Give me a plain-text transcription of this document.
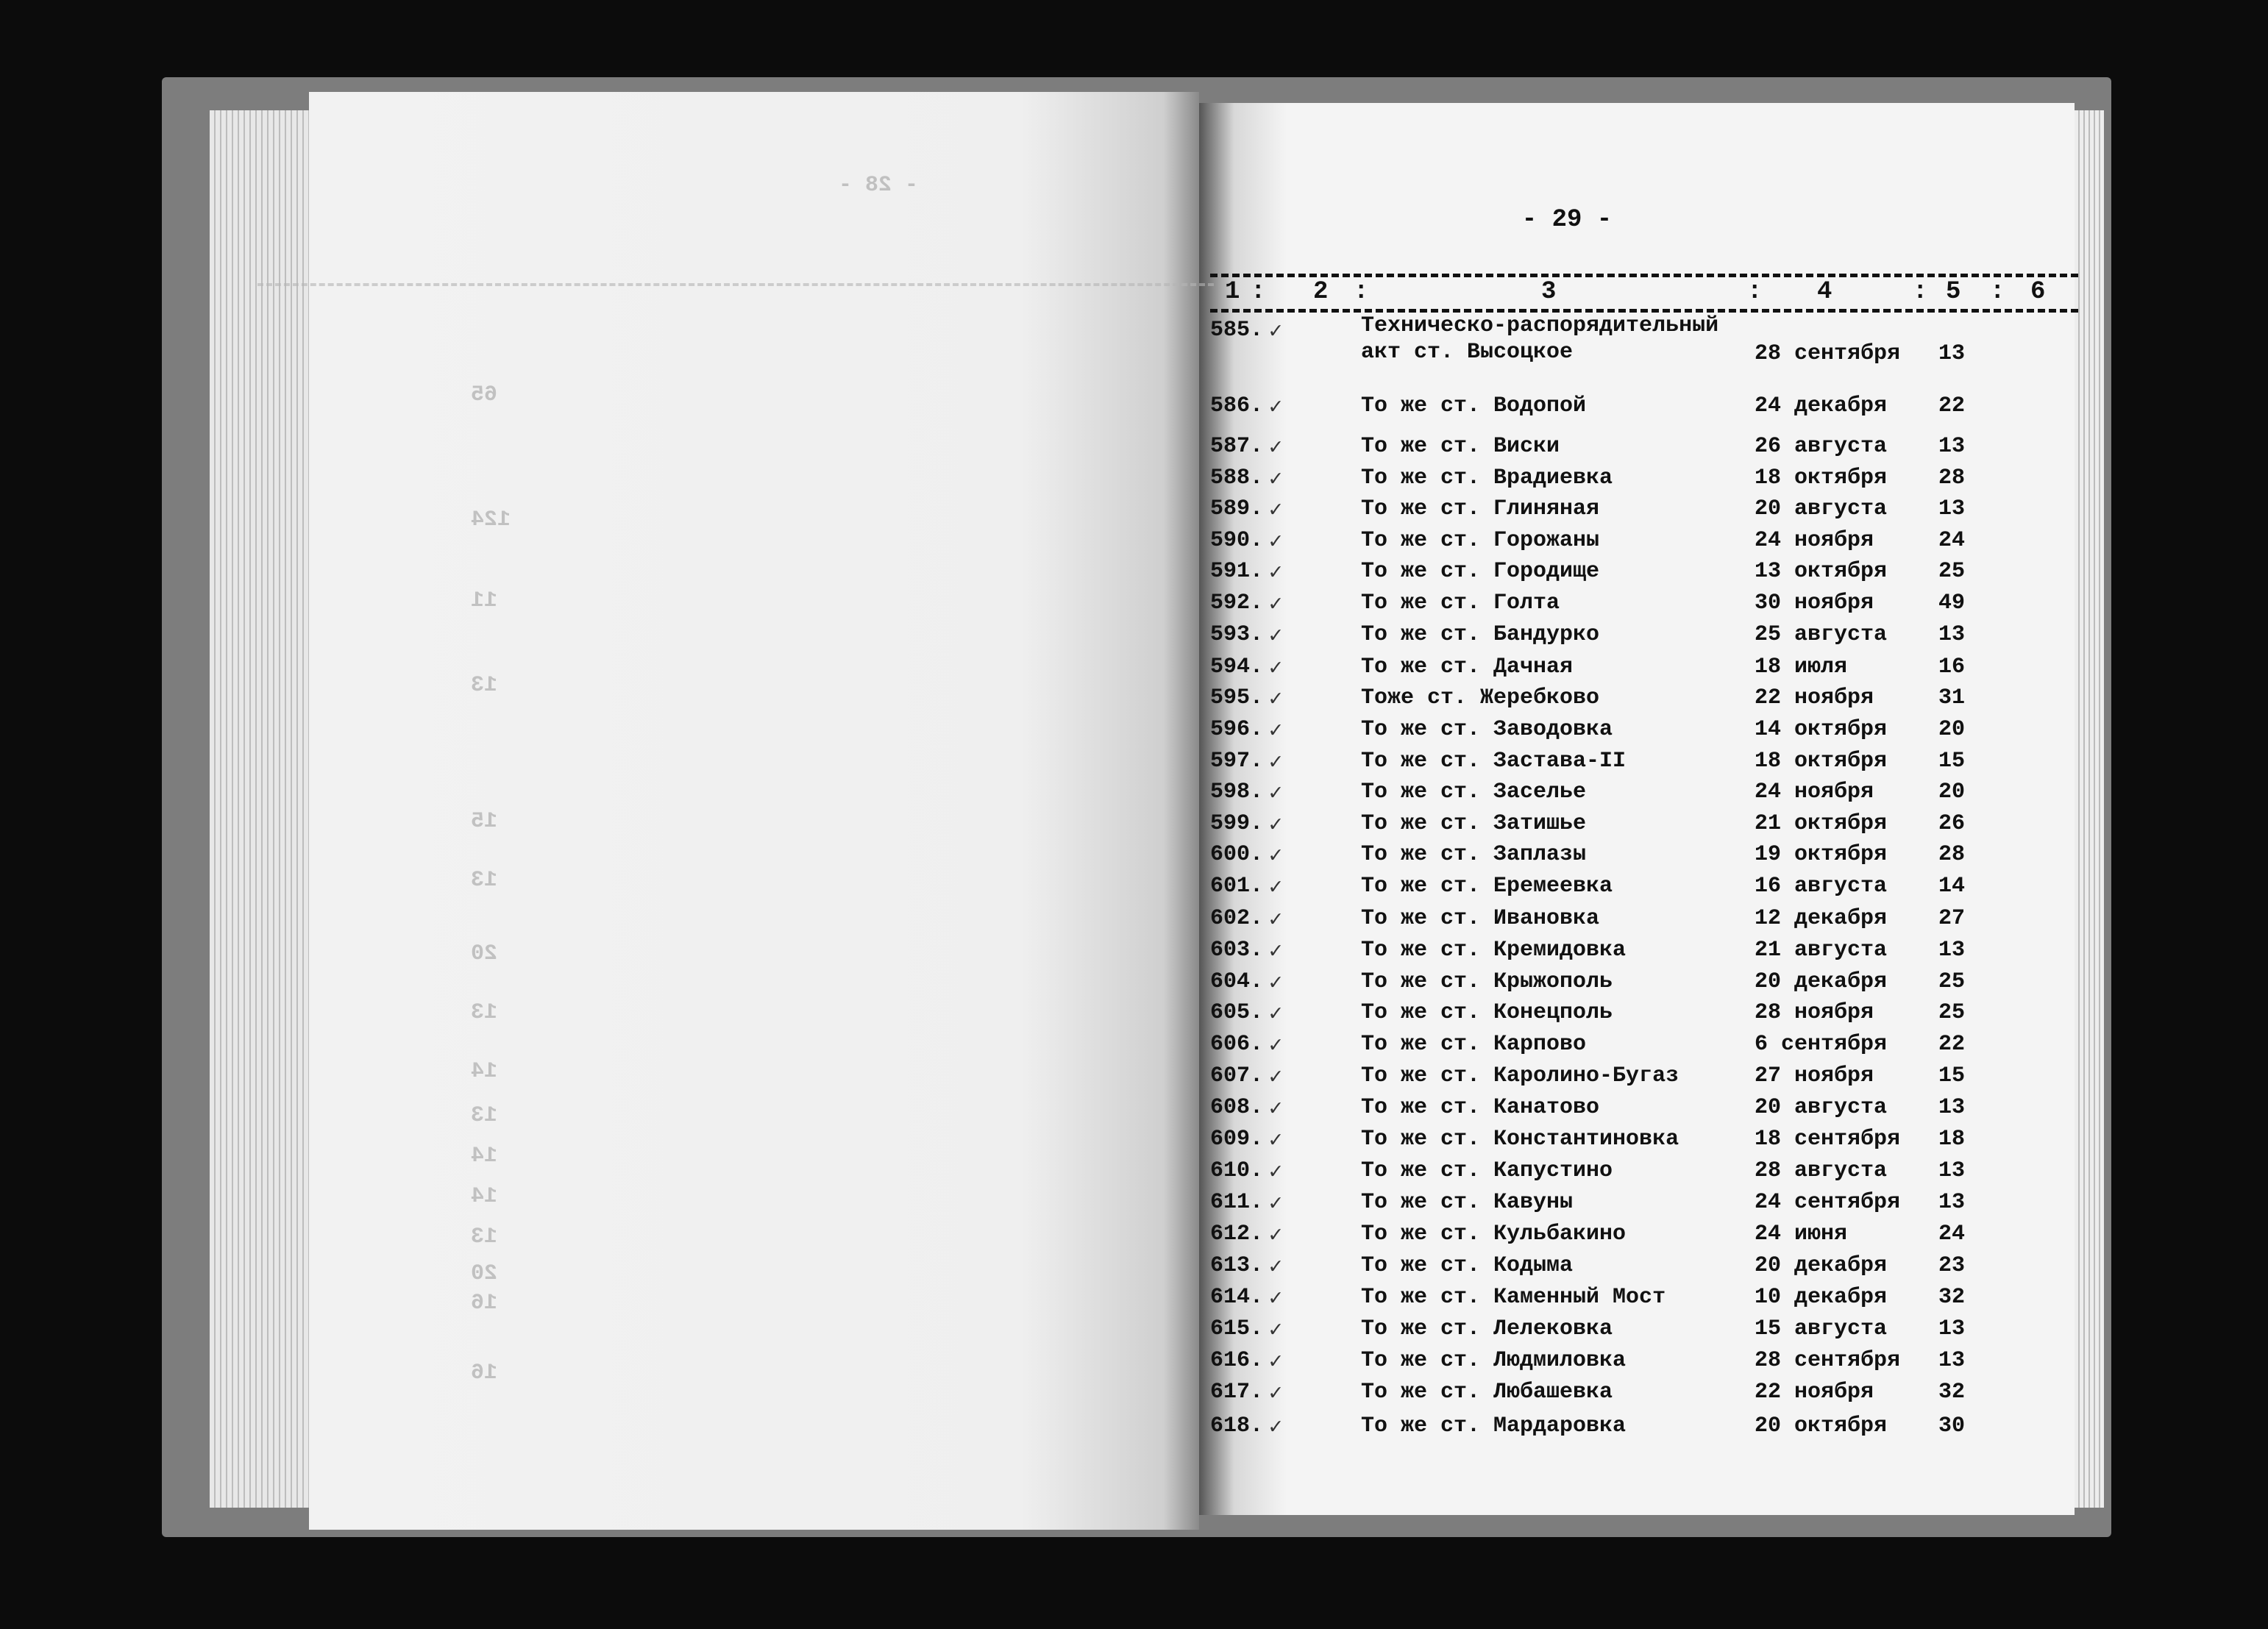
- 28 -
65
124
11
13
15
13
20
13
14
13
14
14
13
20
16
16
- 29 -
1 : 2 :	3	: 4	: 5 : 6
585. ✓	Техническо-распорядительный
акт ст. Высоцкое	28 сентября 13
586. ✓	То же ст. Водопой	24 декабря 22
587. ✓	То же ст. Виски	26 августа 13
588. ✓	То же ст. Врадиевка	18 октября 28
589. ✓	То же ст. Глиняная	20 августа 13
590. ✓	То же ст. Горожаны	24 ноября	24
591. ✓	То же ст. Городище	13 октября 25
592. ✓	То же ст. Голта	30 ноября	49
593. ✓	То же ст. Бандурко	25 августа 13
594. ✓	То же ст. Дачная	18 июля	16
595. ✓	Тоже ст. Жеребково	22 ноября	31
596. ✓	То же ст. Заводовка	14 октября 20
597. ✓	То же ст. Застава-II	18 октября 15
598. ✓	То же ст. Заселье	24 ноября	20
599. ✓	То же ст. Затишье	21 октября 26
600. ✓	То же ст. Заплазы	19 октября 28
601. ✓	То же ст. Еремеевка	16 августа 14
602. ✓	То же ст. Ивановка	12 декабря 27
603. ✓	То же ст. Кремидовка	21 августа 13
604. ✓	То же ст. Крыжополь	20 декабря 25
605. ✓	То же ст. Конецполь	28 ноября	25
606. ✓	То же ст. Карпово	6 сентября 22
607. ✓	То же ст. Каролино-Бугаз	27 ноября	15
608. ✓	То же ст. Канатово	20 августа 13
609. ✓	То же ст. Константиновка	18 сентября 18
610. ✓	То же ст. Капустино	28 августа 13
611. ✓	То же ст. Кавуны	24 сентября 13
612. ✓	То же ст. Кульбакино	24 июня	24
613. ✓	То же ст. Кодыма	20 декабря 23
614. ✓	То же ст. Каменный Мост	10 декабря 32
615. ✓	То же ст. Лелековка	15 августа 13
616. ✓	То же ст. Людмиловка	28 сентября 13
617. ✓	То же ст. Любашевка	22 ноября	32
618. ✓	То же ст. Мардаровка	20 октября 30
